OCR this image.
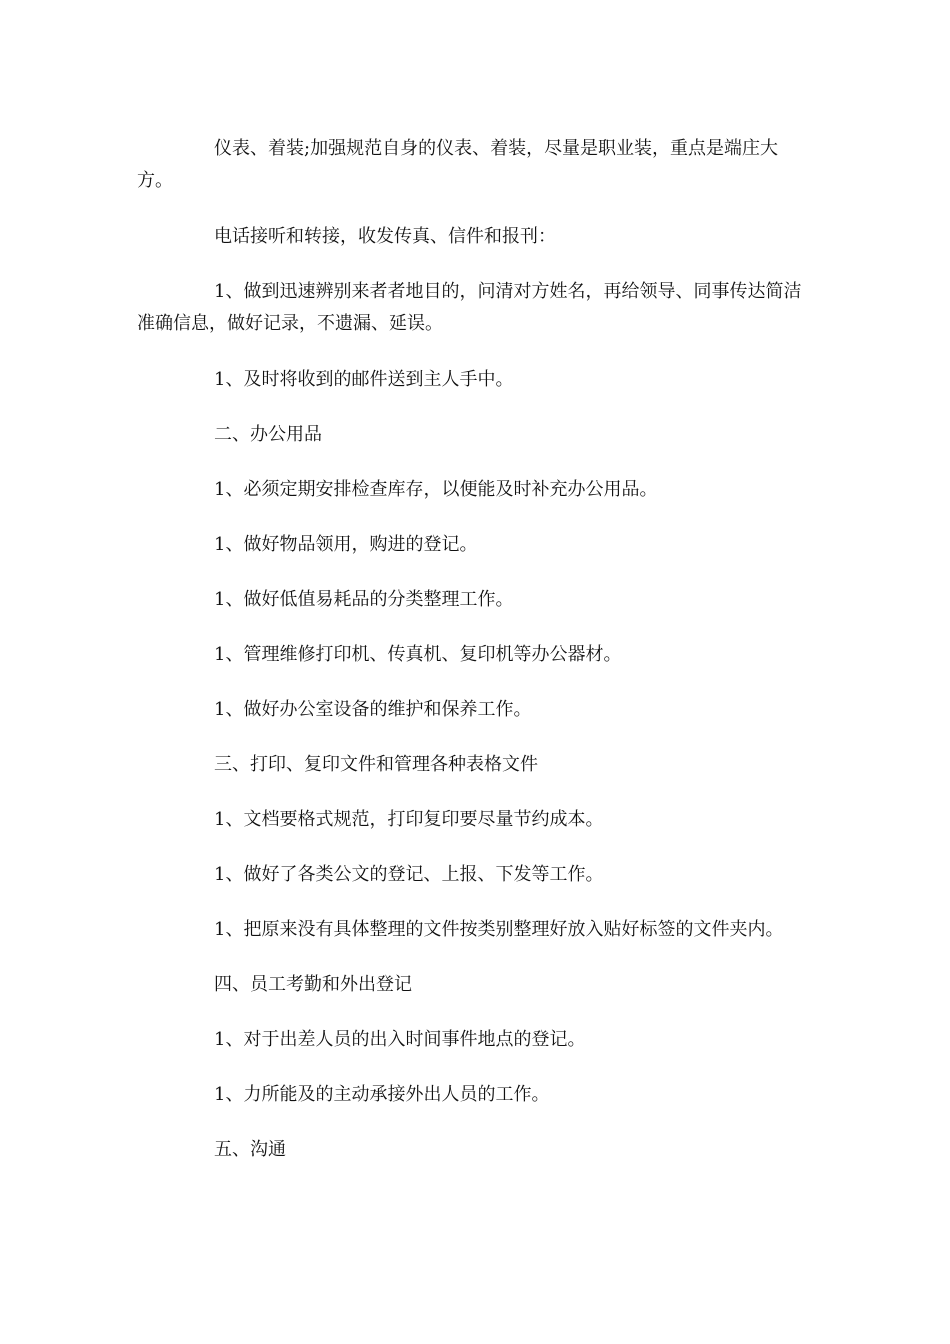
仪表、着装;加强规范自身的仪表、着装，尽量是职业装，重点是端庄大方。

电话接听和转接，收发传真、信件和报刊：

1、做到迅速辨别来者者地目的，问清对方姓名，再给领导、同事传达简洁准确信息，做好记录，不遗漏、延误。

1、及时将收到的邮件送到主人手中。

二、办公用品

1、必须定期安排检查库存，以便能及时补充办公用品。

1、做好物品领用，购进的登记。

1、做好低值易耗品的分类整理工作。

1、管理维修打印机、传真机、复印机等办公器材。

1、做好办公室设备的维护和保养工作。

三、打印、复印文件和管理各种表格文件

1、文档要格式规范，打印复印要尽量节约成本。

1、做好了各类公文的登记、上报、下发等工作。

1、把原来没有具体整理的文件按类别整理好放入贴好标签的文件夹内。

四、员工考勤和外出登记

1、对于出差人员的出入时间事件地点的登记。

1、力所能及的主动承接外出人员的工作。

五、沟通
